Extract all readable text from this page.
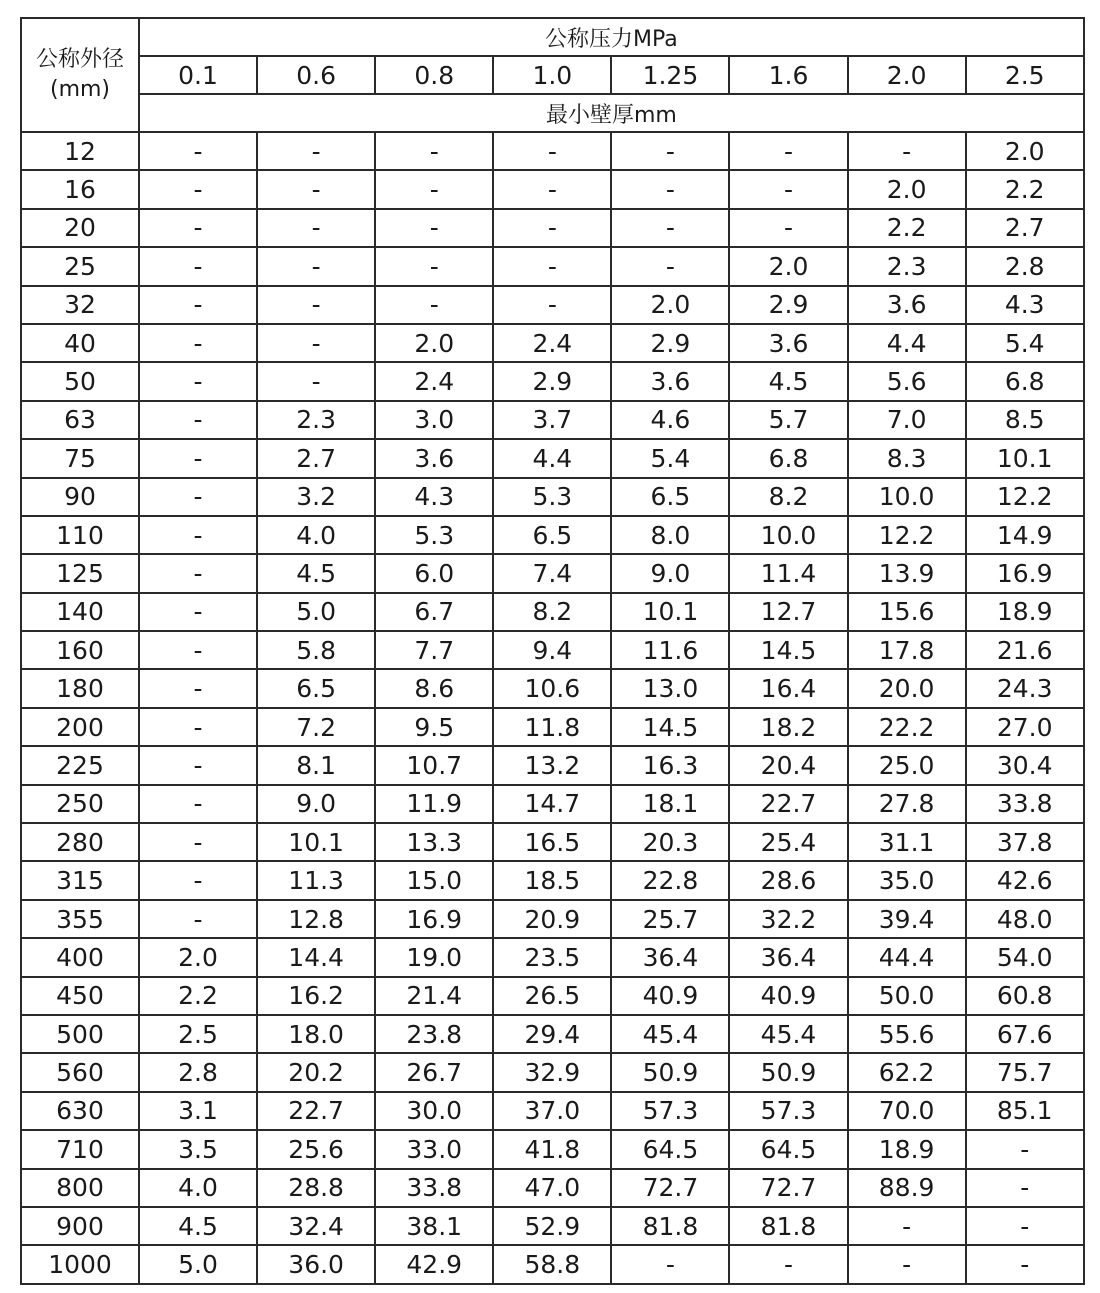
公称外径
(mm)	公称压力MPa							
	0.1	0.6	0.8	1.0	1.25	1.6	2.0	2.5
	最小壁厚mm							
12	-	-	-	-	-	-	-	2.0
16	-	-	-	-	-	-	2.0	2.2
20	-	-	-	-	-	-	2.2	2.7
25	-	-	-	-	-	2.0	2.3	2.8
32	-	-	-	-	2.0	2.9	3.6	4.3
40	-	-	2.0	2.4	2.9	3.6	4.4	5.4
50	-	-	2.4	2.9	3.6	4.5	5.6	6.8
63	-	2.3	3.0	3.7	4.6	5.7	7.0	8.5
75	-	2.7	3.6	4.4	5.4	6.8	8.3	10.1
90	-	3.2	4.3	5.3	6.5	8.2	10.0	12.2
110	-	4.0	5.3	6.5	8.0	10.0	12.2	14.9
125	-	4.5	6.0	7.4	9.0	11.4	13.9	16.9
140	-	5.0	6.7	8.2	10.1	12.7	15.6	18.9
160	-	5.8	7.7	9.4	11.6	14.5	17.8	21.6
180	-	6.5	8.6	10.6	13.0	16.4	20.0	24.3
200	-	7.2	9.5	11.8	14.5	18.2	22.2	27.0
225	-	8.1	10.7	13.2	16.3	20.4	25.0	30.4
250	-	9.0	11.9	14.7	18.1	22.7	27.8	33.8
280	-	10.1	13.3	16.5	20.3	25.4	31.1	37.8
315	-	11.3	15.0	18.5	22.8	28.6	35.0	42.6
355	-	12.8	16.9	20.9	25.7	32.2	39.4	48.0
400	2.0	14.4	19.0	23.5	36.4	36.4	44.4	54.0
450	2.2	16.2	21.4	26.5	40.9	40.9	50.0	60.8
500	2.5	18.0	23.8	29.4	45.4	45.4	55.6	67.6
560	2.8	20.2	26.7	32.9	50.9	50.9	62.2	75.7
630	3.1	22.7	30.0	37.0	57.3	57.3	70.0	85.1
710	3.5	25.6	33.0	41.8	64.5	64.5	18.9	-
800	4.0	28.8	33.8	47.0	72.7	72.7	88.9	-
900	4.5	32.4	38.1	52.9	81.8	81.8	-	-
1000	5.0	36.0	42.9	58.8	-	-	-	-
